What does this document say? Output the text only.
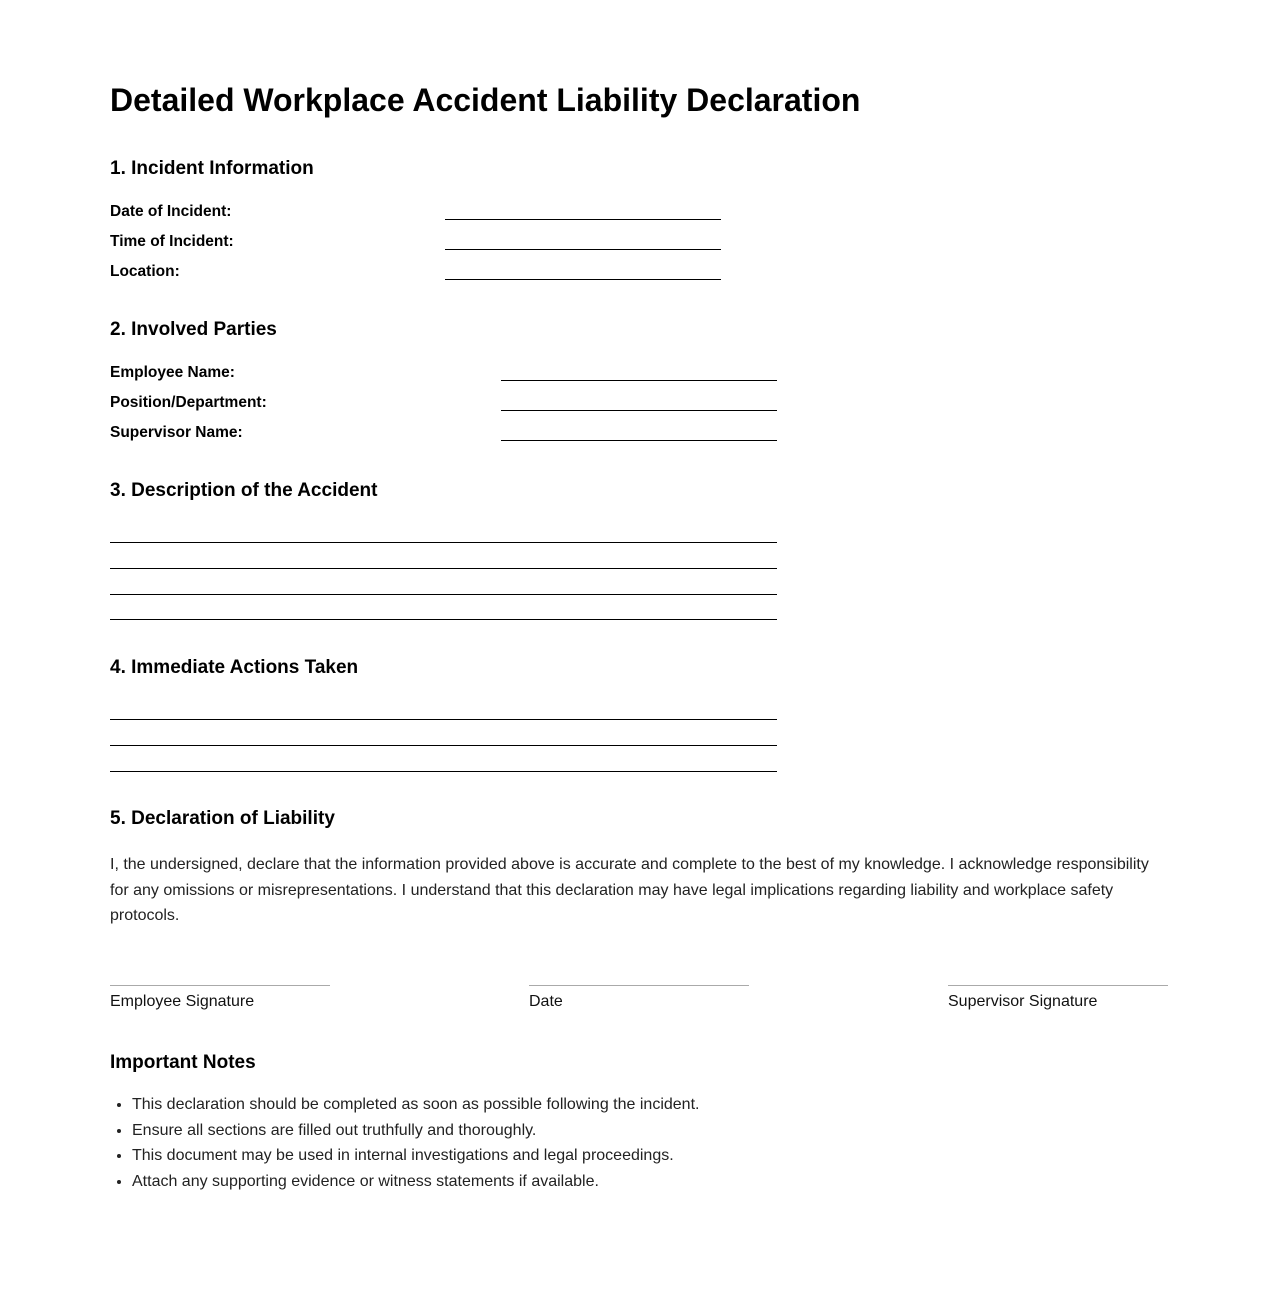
Detailed Workplace Accident Liability Declaration
1. Incident Information
Date of Incident:
Time of Incident:
Location:
2. Involved Parties
Employee Name:
Position/Department:
Supervisor Name:
3. Description of the Accident
4. Immediate Actions Taken
5. Declaration of Liability

I, the undersigned, declare that the information provided above is accurate and complete to the best of my knowledge. I acknowledge responsibility for any omissions or misrepresentations. I understand that this declaration may have legal implications regarding liability and workplace safety protocols.

Employee Signature	Date	Supervisor Signature
Important Notes
• This declaration should be completed as soon as possible following the incident.
• Ensure all sections are filled out truthfully and thoroughly.
• This document may be used in internal investigations and legal proceedings.
• Attach any supporting evidence or witness statements if available.
